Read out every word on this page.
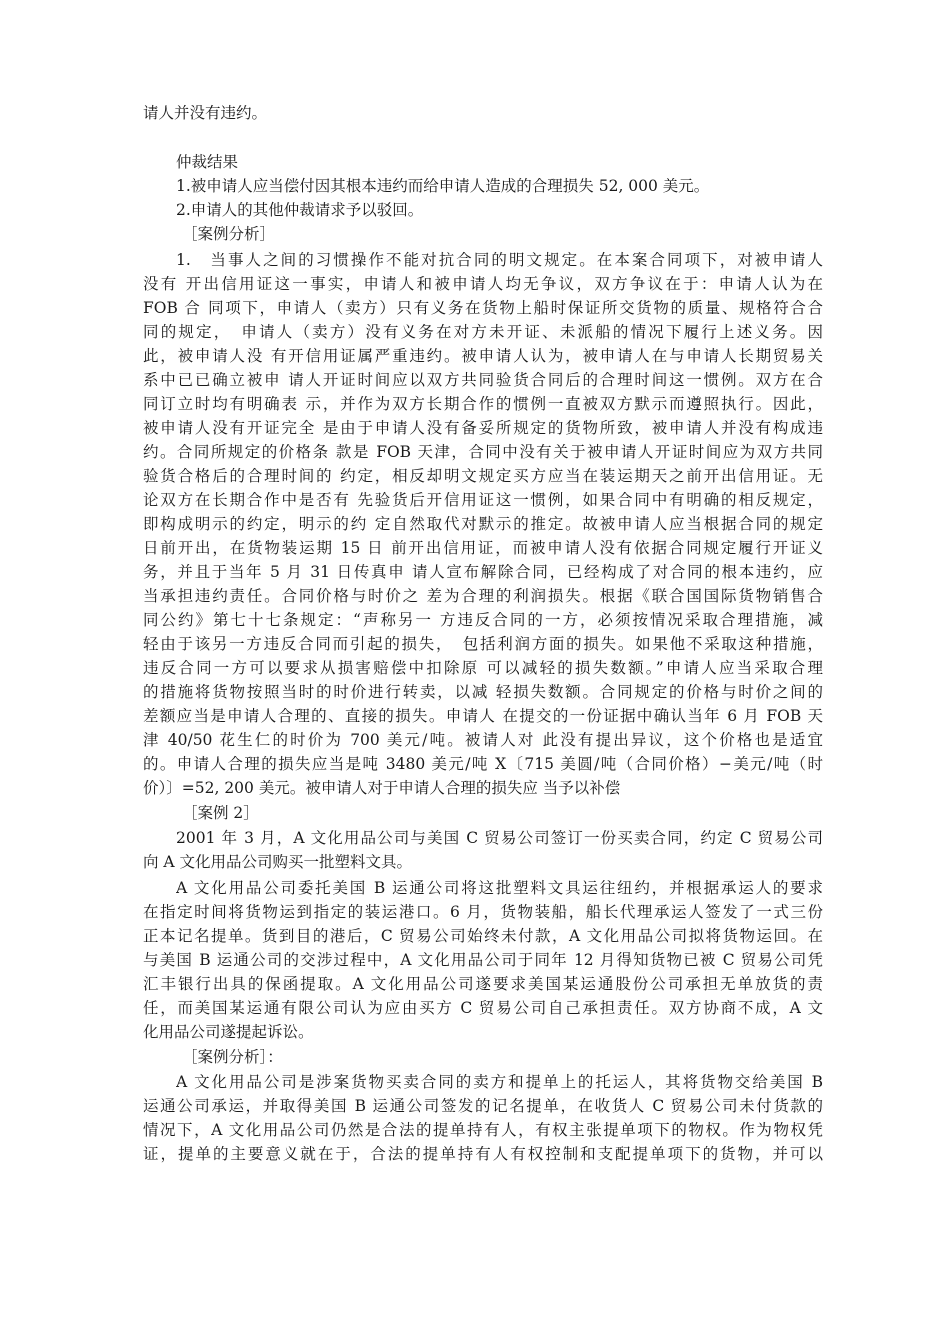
请人并没有违约。
仲裁结果
1.被申请人应当偿付因其根本违约而给申请人造成的合理损失 52, 000 美元。
2.申请人的其他仲裁请求予以驳回。
［案例分析］
1.　当事人之间的习惯操作不能对抗合同的明文规定。在本案合同项下，对被申请人
没有 开出信用证这一事实，申请人和被申请人均无争议，双方争议在于：申请人认为在
FOB 合 同项下，申请人（卖方）只有义务在货物上船时保证所交货物的质量、规格符合合
同的规定，　申请人（卖方）没有义务在对方未开证、未派船的情况下履行上述义务。因
此，被申请人没 有开信用证属严重违约。被申请人认为，被申请人在与申请人长期贸易关
系中已已确立被申 请人开证时间应以双方共同验货合同后的合理时间这一惯例。双方在合
同订立时均有明确表 示，并作为双方长期合作的惯例一直被双方默示而遵照执行。因此，
被申请人没有开证完全 是由于申请人没有备妥所规定的货物所致，被申请人并没有构成违
约。合同所规定的价格条 款是 FOB 天津，合同中没有关于被申请人开证时间应为双方共同
验货合格后的合理时间的 约定，相反却明文规定买方应当在装运期天之前开出信用证。无
论双方在长期合作中是否有 先验货后开信用证这一惯例，如果合同中有明确的相反规定，
即构成明示的约定，明示的约 定自然取代对默示的推定。故被申请人应当根据合同的规定
日前开出，在货物装运期 15 日 前开出信用证，而被申请人没有依据合同规定履行开证义
务，并且于当年 5 月 31 日传真申 请人宣布解除合同，已经构成了对合同的根本违约，应
当承担违约责任。合同价格与时价之 差为合理的利润损失。根据《联合国国际货物销售合
同公约》第七十七条规定：“声称另一 方违反合同的一方，必须按情况采取合理措施，减
轻由于该另一方违反合同而引起的损失，　包括利润方面的损失。如果他不采取这种措施，
违反合同一方可以要求从损害赔偿中扣除原 可以减轻的损失数额。”申请人应当采取合理
的措施将货物按照当时的时价进行转卖，以减 轻损失数额。合同规定的价格与时价之间的
差额应当是申请人合理的、直接的损失。申请人 在提交的一份证据中确认当年 6 月 FOB 天
津 40/50 花生仁的时价为 700 美元/吨。被请人对 此没有提出异议，这个价格也是适宜
的。申请人合理的损失应当是吨 3480 美元/吨 X〔715 美圆/吨（合同价格）−美元/吨（时
价）〕=52, 200 美元。被申请人对于申请人合理的损失应 当予以补偿
［案例 2］
2001 年 3 月，A 文化用品公司与美国 C 贸易公司签订一份买卖合同，约定 C 贸易公司
向 A 文化用品公司购买一批塑料文具。
A 文化用品公司委托美国 B 运通公司将这批塑料文具运往纽约，并根据承运人的要求
在指定时间将货物运到指定的装运港口。6 月，货物装船，船长代理承运人签发了一式三份
正本记名提单。货到目的港后，C 贸易公司始终未付款，A 文化用品公司拟将货物运回。在
与美国 B 运通公司的交涉过程中，A 文化用品公司于同年 12 月得知货物已被 C 贸易公司凭
汇丰银行出具的保函提取。A 文化用品公司遂要求美国某运通股份公司承担无单放货的责
任，而美国某运通有限公司认为应由买方 C 贸易公司自己承担责任。双方协商不成，A 文
化用品公司遂提起诉讼。
［案例分析］：
A 文化用品公司是涉案货物买卖合同的卖方和提单上的托运人，其将货物交给美国 B
运通公司承运，并取得美国 B 运通公司签发的记名提单，在收货人 C 贸易公司未付货款的
情况下，A 文化用品公司仍然是合法的提单持有人，有权主张提单项下的物权。作为物权凭
证，提单的主要意义就在于，合法的提单持有人有权控制和支配提单项下的货物，并可以
